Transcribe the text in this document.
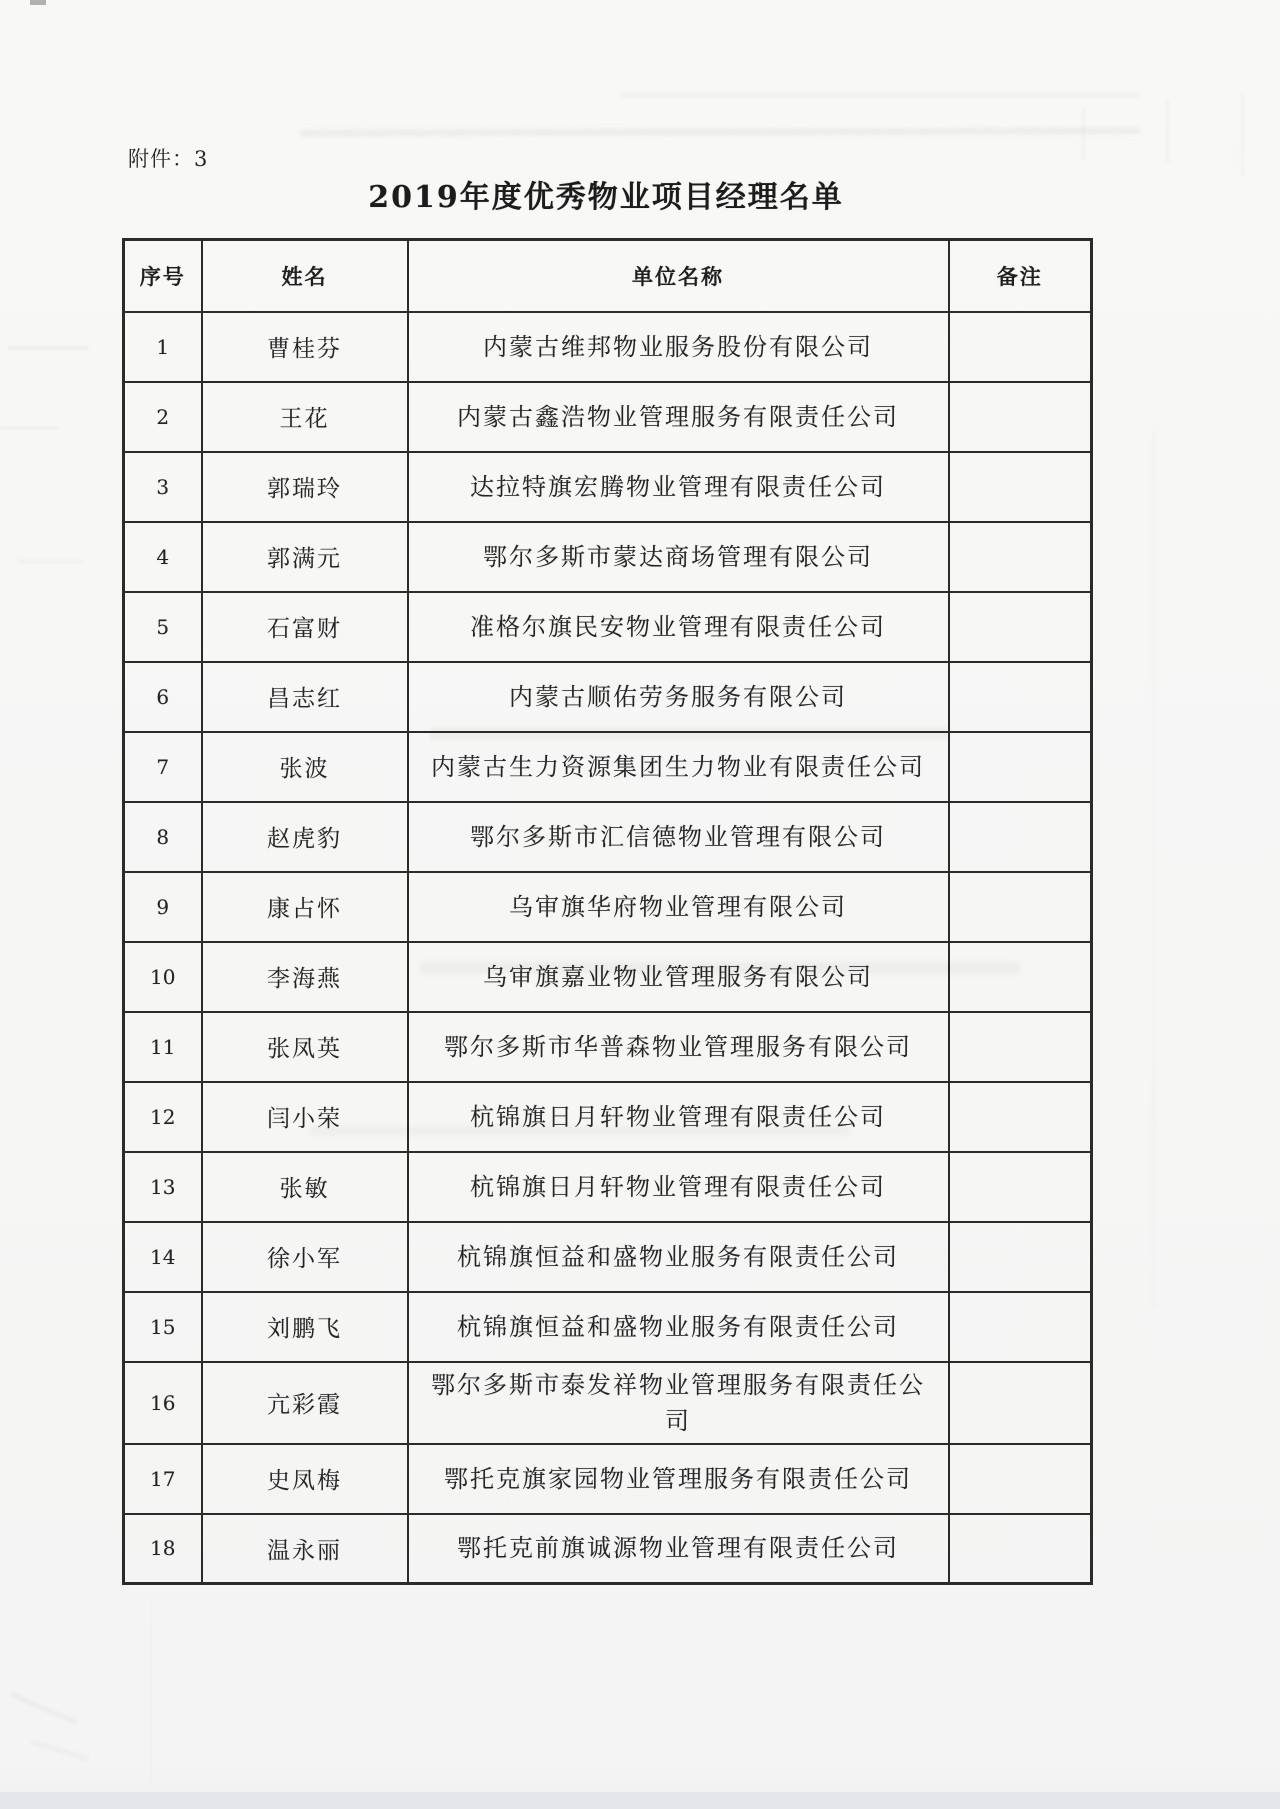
附件：3
2019年度优秀物业项目经理名单
序号	姓名	单位名称	备注
1	曹桂芬	内蒙古维邦物业服务股份有限公司	
2	王花	内蒙古鑫浩物业管理服务有限责任公司	
3	郭瑞玲	达拉特旗宏腾物业管理有限责任公司	
4	郭满元	鄂尔多斯市蒙达商场管理有限公司	
5	石富财	准格尔旗民安物业管理有限责任公司	
6	昌志红	内蒙古顺佑劳务服务有限公司	
7	张波	内蒙古生力资源集团生力物业有限责任公司	
8	赵虎豹	鄂尔多斯市汇信德物业管理有限公司	
9	康占怀	乌审旗华府物业管理有限公司	
10	李海燕	乌审旗嘉业物业管理服务有限公司	
11	张凤英	鄂尔多斯市华普森物业管理服务有限公司	
12	闫小荣	杭锦旗日月轩物业管理有限责任公司	
13	张敏	杭锦旗日月轩物业管理有限责任公司	
14	徐小军	杭锦旗恒益和盛物业服务有限责任公司	
15	刘鹏飞	杭锦旗恒益和盛物业服务有限责任公司	
16	亢彩霞	鄂尔多斯市泰发祥物业管理服务有限责任公司	
17	史凤梅	鄂托克旗家园物业管理服务有限责任公司	
18	温永丽	鄂托克前旗诚源物业管理有限责任公司	
